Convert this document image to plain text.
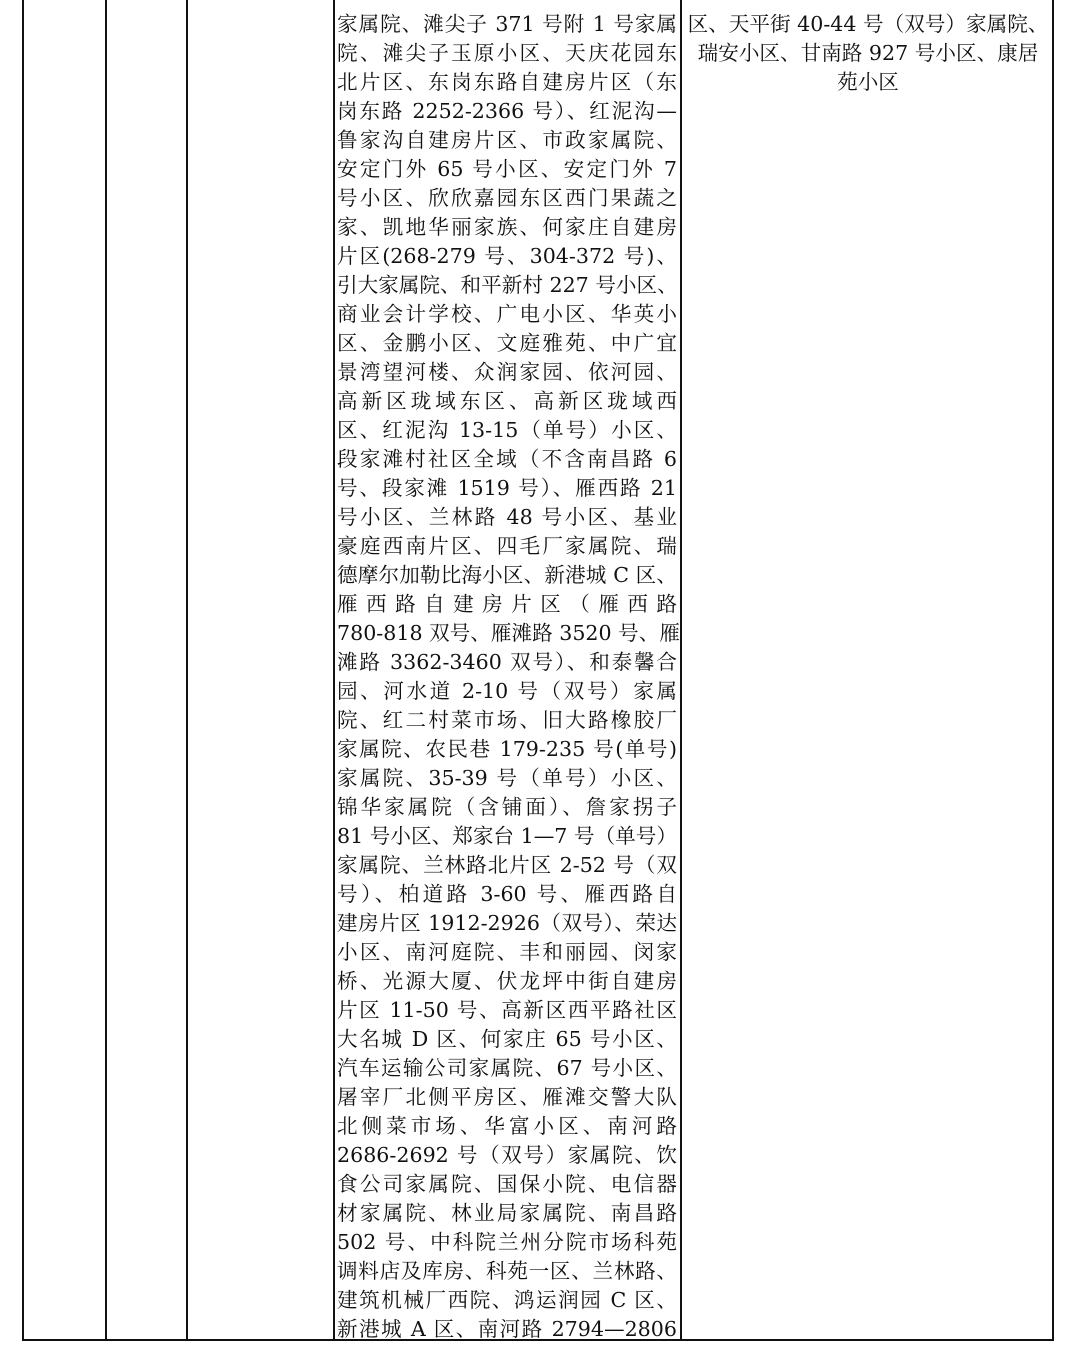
家属院、滩尖子 371 号附 1 号家属
院、滩尖子玉原小区、天庆花园东
北片区、东岗东路自建房片区（东
岗东路 2252-2366 号）、红泥沟—
鲁家沟自建房片区、市政家属院、
安定门外 65 号小区、安定门外 7
号小区、欣欣嘉园东区西门果蔬之
家、凯地华丽家族、何家庄自建房
片区(268-279 号、304-372 号)、
引大家属院、和平新村 227 号小区、
商业会计学校、广电小区、华英小
区、金鹏小区、文庭雅苑、中广宜
景湾望河楼、众润家园、依河园、
高新区珑域东区、高新区珑域西
区、红泥沟 13-15（单号）小区、
段家滩村社区全域（不含南昌路 6
号、段家滩 1519 号）、雁西路 21
号小区、兰林路 48 号小区、基业
豪庭西南片区、四毛厂家属院、瑞
德摩尔加勒比海小区、新港城 C 区、
雁西路自建房片区（雁西路
780-818 双号、雁滩路 3520 号、雁
滩路 3362-3460 双号）、和泰馨合
园、河水道 2-10 号（双号）家属
院、红二村菜市场、旧大路橡胶厂
家属院、农民巷 179-235 号(单号)
家属院、35-39 号（单号）小区、
锦华家属院（含铺面）、詹家拐子
81 号小区、郑家台 1—7 号（单号）
家属院、兰林路北片区 2-52 号（双
号）、柏道路 3-60 号、雁西路自
建房片区 1912-2926（双号）、荣达
小区、南河庭院、丰和丽园、闵家
桥、光源大厦、伏龙坪中街自建房
片区 11-50 号、高新区西平路社区
大名城 D 区、何家庄 65 号小区、
汽车运输公司家属院、67 号小区、
屠宰厂北侧平房区、雁滩交警大队
北侧菜市场、华富小区、南河路
2686-2692 号（双号）家属院、饮
食公司家属院、国保小院、电信器
材家属院、林业局家属院、南昌路
502 号、中科院兰州分院市场科苑
调料店及库房、科苑一区、兰林路、
建筑机械厂西院、鸿运润园 C 区、
新港城 A 区、南河路 2794—2806
区、天平街 40-44 号（双号）家属院、
瑞安小区、甘南路 927 号小区、康居
苑小区
